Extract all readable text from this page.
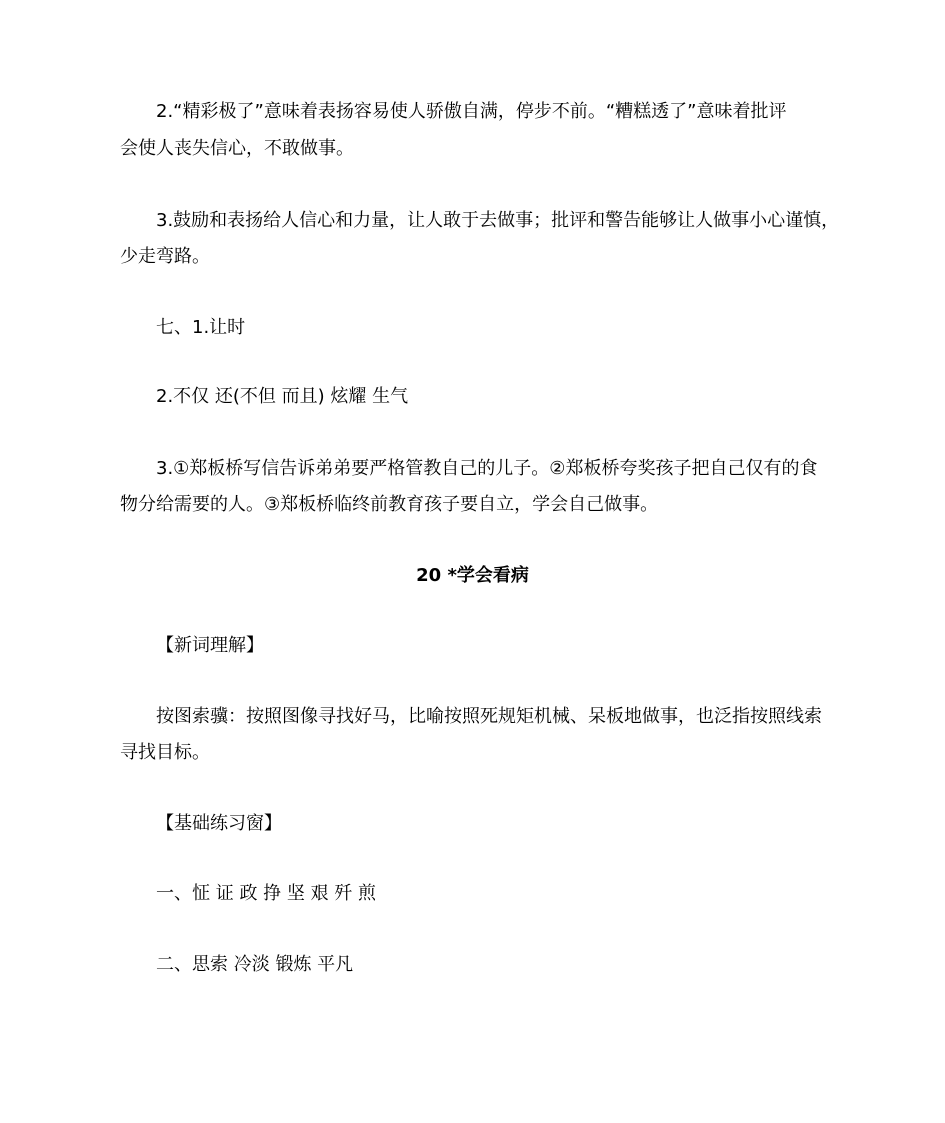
2.“精彩极了”意味着表扬容易使人骄傲自满，停步不前。“糟糕透了”意味着批评
会使人丧失信心，不敢做事。
3.鼓励和表扬给人信心和力量，让人敢于去做事；批评和警告能够让人做事小心谨慎，
少走弯路。
七、1.让时
2.不仅 还(不但 而且) 炫耀 生气
3.①郑板桥写信告诉弟弟要严格管教自己的儿子。②郑板桥夸奖孩子把自己仅有的食
物分给需要的人。③郑板桥临终前教育孩子要自立，学会自己做事。
20 *学会看病
【新词理解】
按图索骥：按照图像寻找好马，比喻按照死规矩机械、呆板地做事，也泛指按照线索
寻找目标。
【基础练习窗】
一、怔 证 政 挣 坚 艰 歼 煎
二、思索 冷淡 锻炼 平凡
